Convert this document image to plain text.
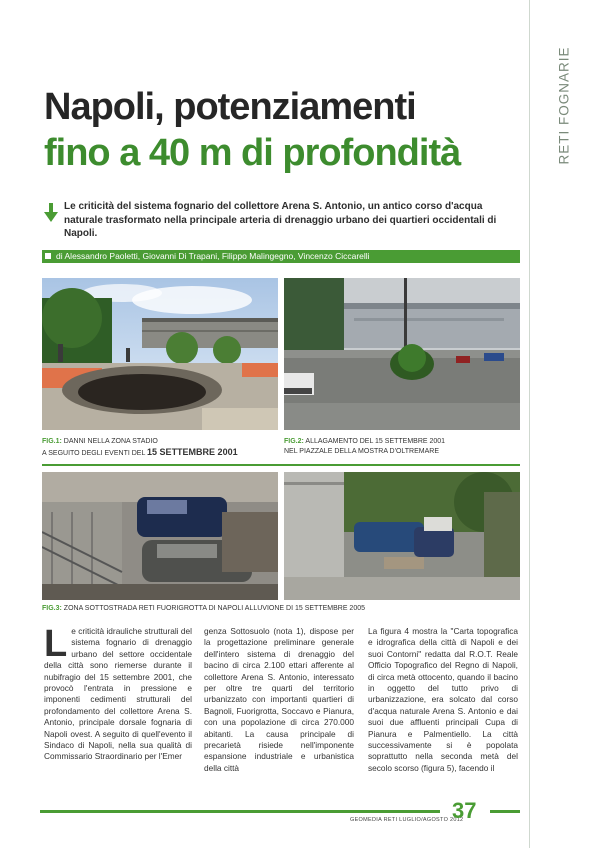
RETI FOGNARIE
Napoli, potenziamenti
fino a 40 m di profondità
Le criticità del sistema fognario del collettore Arena S. Antonio, un antico corso d'acqua naturale trasformato nella principale arteria di drenaggio urbano dei quartieri occidentali di Napoli.
di Alessandro Paoletti, Giovanni Di Trapani, Filippo Malingegno, Vincenzo Ciccarelli
FIG.1: DANNI NELLA ZONA STADIO
A SEGUITO DEGLI EVENTI DEL 15 SETTEMBRE 2001
FIG.2: ALLAGAMENTO DEL 15 SETTEMBRE 2001
NEL PIAZZALE DELLA MOSTRA D'OLTREMARE
FIG.3: ZONA SOTTOSTRADA RETI FUORIGROTTA DI NAPOLI ALLUVIONE DI 15 SETTEMBRE 2005
Le criticità idrauliche strutturali del sistema fognario di drenaggio urbano del settore occidentale della città sono riemerse durante il nubifragio del 15 settembre 2001, che provocò l'entrata in pressione e imponenti cedimenti strutturali del profondamento del collettore Arena S. Antonio, principale dorsale fognaria di Napoli ovest. A seguito di quell'evento il Sindaco di Napoli, nella sua qualità di Commissario Straordinario per l'Emer
genza Sottosuolo (nota 1), dispose per la progettazione preliminare generale dell'intero sistema di drenaggio del bacino di circa 2.100 ettari afferente al collettore Arena S. Antonio, interessato per oltre tre quarti del territorio urbanizzato con importanti quartieri di Bagnoli, Fuorigrotta, Soccavo e Pianura, con una popolazione di circa 270.000 abitanti. La causa principale di precarietà risiede nell'imponente espansione industriale e urbanistica della città
La figura 4 mostra la "Carta topografica e idrografica della città di Napoli e dei suoi Contorni" redatta dal R.O.T. Reale Officio Topografico del Regno di Napoli, di circa metà ottocento, quando il bacino in oggetto del tutto privo di urbanizzazione, era solcato dal corso d'acqua naturale Arena S. Antonio e dai suoi due affluenti principali Cupa di Pianura e Palmentiello. La città successivamente si è popolata soprattutto nella seconda metà del secolo scorso (figura 5), facendo il
GEOMEDIA RETI LUGLIO/AGOSTO 2012
37
